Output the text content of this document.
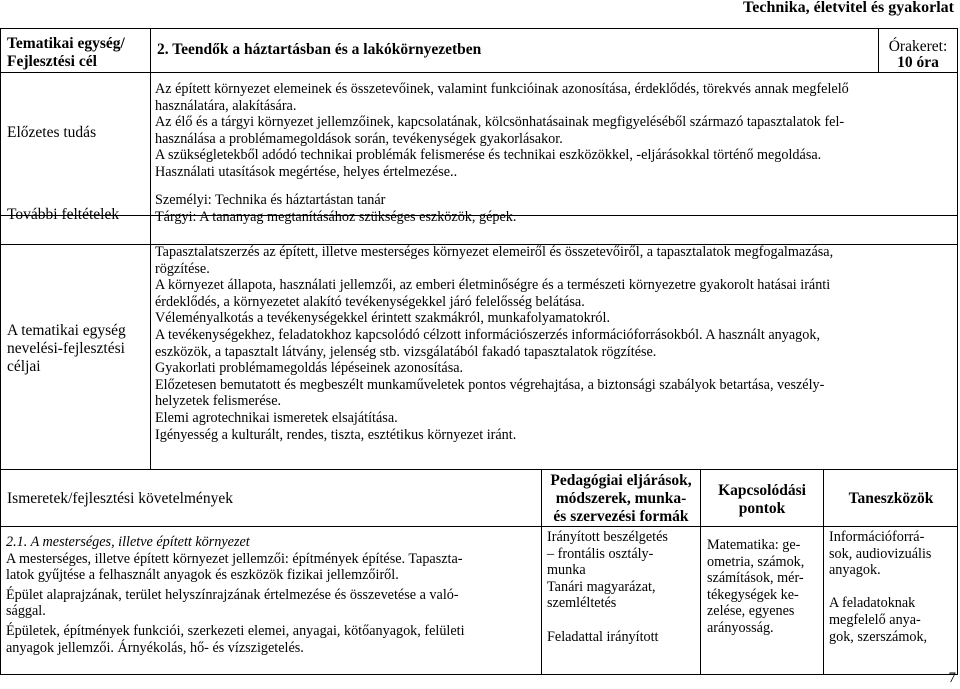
Technika, életvitel és gyakorlat
Tematikai egység/ Fejlesztési cél
Előzetes tudás
További feltételek
A tematikai egység nevelési-fejlesztési céljai
2. Teendők a háztartásban és a lakókörnyezetben	Órakeret:
10 óra
Az épített környezet elemeinek és összetevőinek, valamint funkcióinak azonosítása, érdeklődés, törekvés annak megfelelő
használatára, alakítására.
Az élő és a tárgyi környezet jellemzőinek, kapcsolatának, kölcsönhatásainak megfigyeléséből származó tapasztalatok fel-
használása a problémamegoldások során, tevékenységek gyakorlásakor.
A szükségletekből adódó technikai problémák felismerése és technikai eszközökkel, -eljárásokkal történő megoldása.
Használati utasítások megértése, helyes értelmezése..
Személyi: Technika és háztartástan tanár
Tárgyi: A tananyag megtanításához szükséges eszközök, gépek.
Tapasztalatszerzés az épített, illetve mesterséges környezet elemeiről és összetevőiről, a tapasztalatok megfogalmazása,
rögzítése.
A környezet állapota, használati jellemzői, az emberi életminőségre és a természeti környezetre gyakorolt hatásai iránti
érdeklődés, a környezetet alakító tevékenységekkel járó felelősség belátása.
Véleményalkotás a tevékenységekkel érintett szakmákról, munkafolyamatokról.
A tevékenységekhez, feladatokhoz kapcsolódó célzott információszerzés információforrásokból. A használt anyagok,
eszközök, a tapasztalt látvány, jelenség stb. vizsgálatából fakadó tapasztalatok rögzítése.
Gyakorlati problémamegoldás lépéseinek azonosítása.
Előzetesen bemutatott és megbeszélt munkaműveletek pontos végrehajtása, a biztonsági szabályok betartása, veszély-
helyzetek felismerése.
Elemi agrotechnikai ismeretek elsajátítása.
Igényesség a kulturált, rendes, tiszta, esztétikus környezet iránt.
Ismeretek/fejlesztési követelmények
Pedagógiai eljárások,
módszerek, munka-
és szervezési formák
Kapcsolódási
pontok
Taneszközök
2.1. A mesterséges, illetve épített környezet
A mesterséges, illetve épített környezet jellemzői: építmények építése. Tapaszta-
latok gyűjtése a felhasznált anyagok és eszközök fizikai jellemzőiről.
Épület alaprajzának, terület helyszínrajzának értelmezése és összevetése a való-
sággal.
Épületek, építmények funkciói, szerkezeti elemei, anyagai, kötőanyagok, felületi
anyagok jellemzői. Árnyékolás, hő- és vízszigetelés.
Irányított beszélgetés
– frontális osztály-
munka
Tanári magyarázat,
szemléltetés
Feladattal irányított
Matematika: ge-
ometria, számok,
számítások, mér-
tékegységek ke-
zelése, egyenes
arányosság.
Információforrá-
sok, audiovizuális
anyagok.
A feladatoknak
megfelelő anya-
gok, szerszámok,
7
